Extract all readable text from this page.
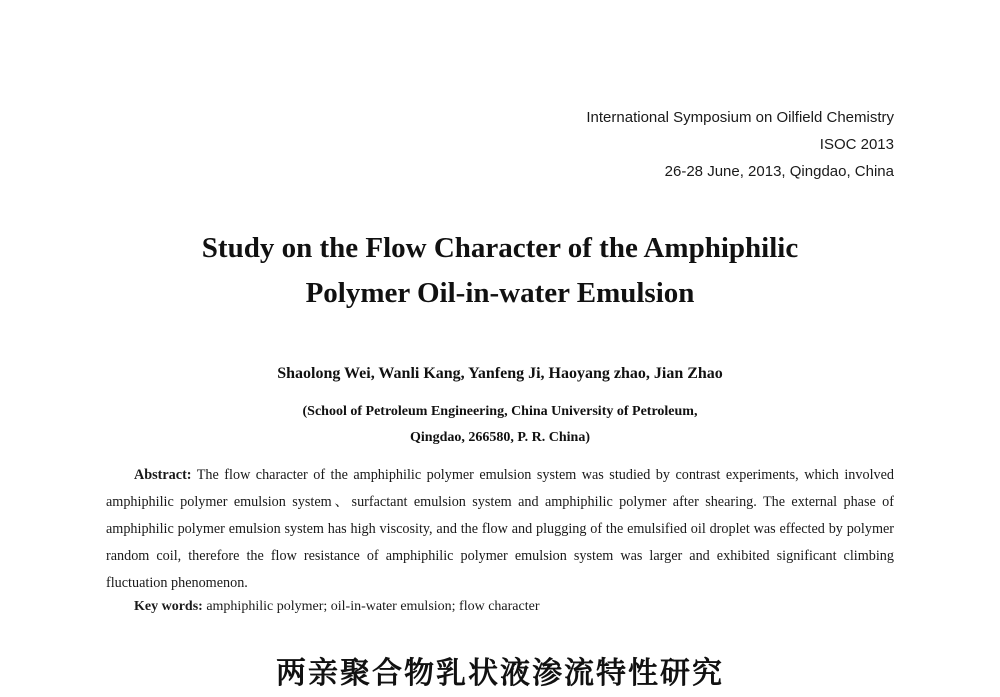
International Symposium on Oilfield Chemistry
ISOC 2013
26-28 June, 2013, Qingdao, China
Study on the Flow Character of the Amphiphilic
Polymer Oil-in-water Emulsion
Shaolong Wei, Wanli Kang, Yanfeng Ji, Haoyang zhao, Jian Zhao
(School of Petroleum Engineering, China University of Petroleum,
Qingdao, 266580, P. R. China)

Abstract: The flow character of the amphiphilic polymer emulsion system was studied by contrast experiments, which involved amphiphilic polymer emulsion system、surfactant emulsion system and amphiphilic polymer after shearing. The external phase of amphiphilic polymer emulsion system has high viscosity, and the flow and plugging of the emulsified oil droplet was effected by polymer random coil, therefore the flow resistance of amphiphilic polymer emulsion system was larger and exhibited significant climbing fluctuation phenomenon.

Key words: amphiphilic polymer; oil-in-water emulsion; flow character
两亲聚合物乳状液渗流特性研究
